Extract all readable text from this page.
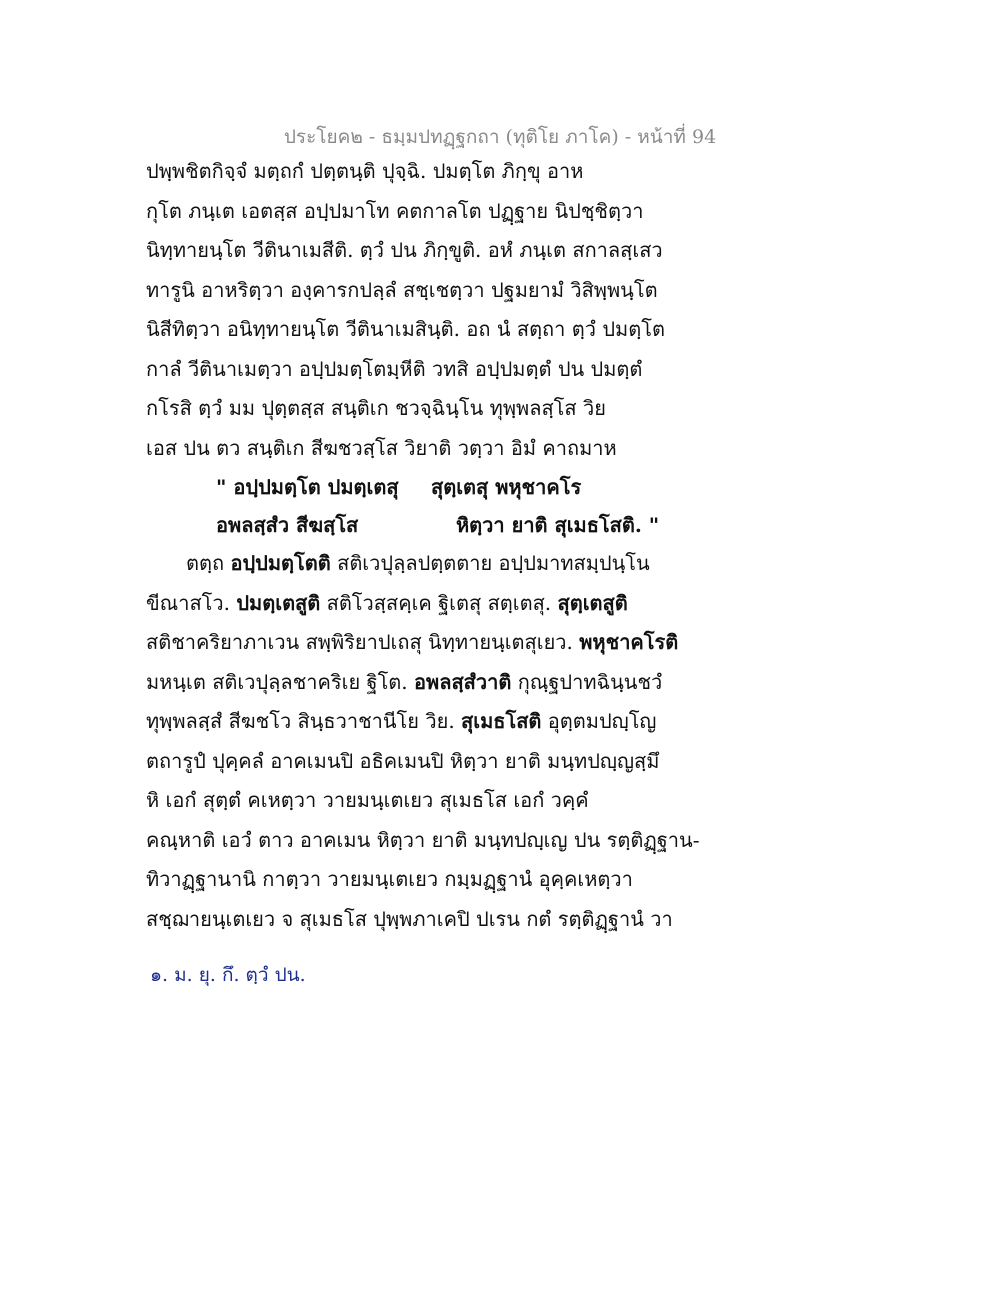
ประโยค๒ - ธมฺมปทฏฺฐกถา (ทุติโย ภาโค) - หน้าที่ 94
ปพฺพชิตกิจฺจํ มตฺถกํ ปตฺตนฺติ ปุจฺฉิ. ปมตฺโต ภิกฺขุ อาห
กุโต ภนฺเต เอตสฺส อปฺปมาโท คตกาลโต ปฏฺฐาย นิปชฺชิตฺวา
นิทฺทายนฺโต วีตินาเมสีติ. ตฺวํ ปน ภิกฺขูติ. อหํ ภนฺเต สกาลสฺเสว
ทารูนิ อาหริตฺวา องฺคารกปลฺลํ สชฺเชตฺวา ปฐมยามํ วิสิพฺพนฺโต
นิสีทิตฺวา อนิทฺทายนฺโต วีตินาเมสินฺติ. อถ นํ สตฺถา ตฺวํ ปมตฺโต
กาลํ วีตินาเมตฺวา อปฺปมตฺโตมฺหีติ วทสิ อปฺปมตฺตํ ปน ปมตฺตํ
กโรสิ ตฺวํ มม ปุตฺตสฺส สนฺติเก ชวจฺฉินฺโน ทุพฺพลสฺโส วิย
เอส ปน ตว สนฺติเก สีฆชวสฺโส วิยาติ วตฺวา อิมํ คาถมาห
" อปฺปมตฺโต ปมตฺเตสุ สุตฺเตสุ พหุชาคโร
อพลสฺสํว สีฆสฺโส	หิตฺวา ยาติ สุเมธโสติ. "
ตตฺถ อปฺปมตฺโตติ สติเวปุลฺลปตฺตตาย อปฺปมาทสมฺปนฺโน
ขีณาสโว. ปมตฺเตสูติ สติโวสฺสคฺเค ฐิเตสุ สตฺเตสุ. สุตฺเตสูติ
สติชาคริยาภาเวน สพฺพิริยาปเถสุ นิทฺทายนฺเตสุเยว. พหุชาคโรติ
มหนฺเต สติเวปุลฺลชาคริเย ฐิโต. อพลสฺสํวาติ กุณฺฐปาทฉินฺนชวํ
ทุพฺพลสฺสํ สีฆชโว สินฺธวาชานีโย วิย. สุเมธโสติ อุตฺตมปญฺโญ
ตถารูปํ ปุคฺคลํ อาคเมนปิ อธิคเมนปิ หิตฺวา ยาติ มนฺทปญฺญสฺมึ
หิ เอกํ สุตฺตํ คเหตฺวา วายมนฺเตเยว สุเมธโส เอกํ วคฺคํ
คณฺหาติ เอวํ ตาว อาคเมน หิตฺวา ยาติ มนฺทปญฺเญ ปน รตฺติฏฺฐาน-
ทิวาฏฺฐานานิ กาตฺวา วายมนฺเตเยว กมฺมฏฺฐานํ อุคฺคเหตฺวา
สชฺฌายนฺเตเยว จ สุเมธโส ปุพฺพภาเคปิ ปเรน กตํ รตฺติฏฺฐานํ วา
๑. ม. ยุ. กึ. ตฺวํ ปน.
